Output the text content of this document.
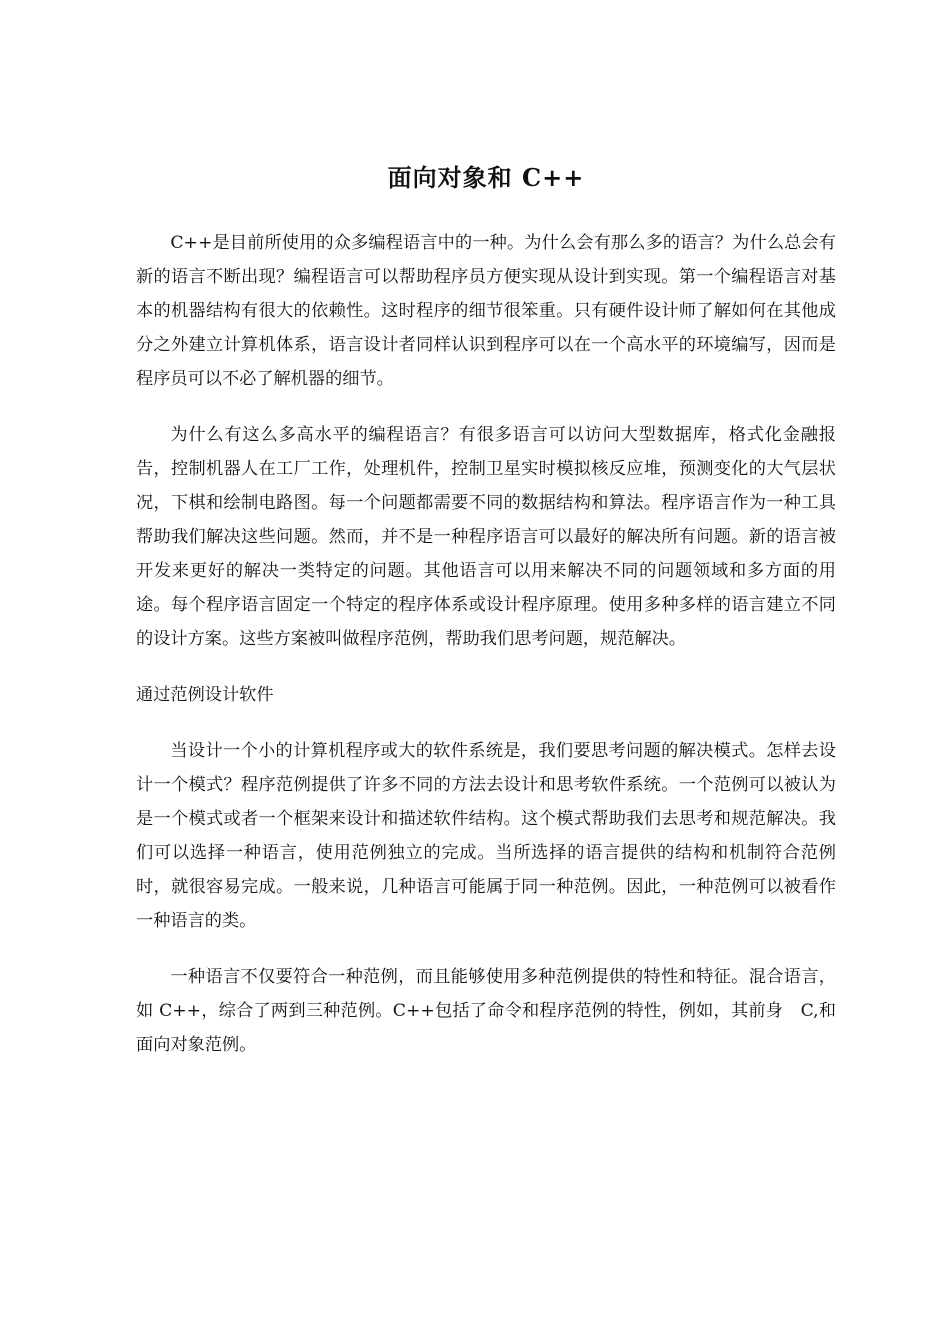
面向对象和 C++

C++是目前所使用的众多编程语言中的一种。为什么会有那么多的语言？为什么总会有新的语言不断出现？编程语言可以帮助程序员方便实现从设计到实现。第一个编程语言对基本的机器结构有很大的依赖性。这时程序的细节很笨重。只有硬件设计师了解如何在其他成分之外建立计算机体系，语言设计者同样认识到程序可以在一个高水平的环境编写，因而是程序员可以不必了解机器的细节。

为什么有这么多高水平的编程语言？有很多语言可以访问大型数据库，格式化金融报告，控制机器人在工厂工作，处理机件，控制卫星实时模拟核反应堆，预测变化的大气层状况，下棋和绘制电路图。每一个问题都需要不同的数据结构和算法。程序语言作为一种工具帮助我们解决这些问题。然而，并不是一种程序语言可以最好的解决所有问题。新的语言被开发来更好的解决一类特定的问题。其他语言可以用来解决不同的问题领域和多方面的用途。每个程序语言固定一个特定的程序体系或设计程序原理。使用多种多样的语言建立不同的设计方案。这些方案被叫做程序范例，帮助我们思考问题，规范解决。

通过范例设计软件

当设计一个小的计算机程序或大的软件系统是，我们要思考问题的解决模式。怎样去设计一个模式？程序范例提供了许多不同的方法去设计和思考软件系统。一个范例可以被认为是一个模式或者一个框架来设计和描述软件结构。这个模式帮助我们去思考和规范解决。我们可以选择一种语言，使用范例独立的完成。当所选择的语言提供的结构和机制符合范例时，就很容易完成。一般来说，几种语言可能属于同一种范例。因此，一种范例可以被看作一种语言的类。

一种语言不仅要符合一种范例，而且能够使用多种范例提供的特性和特征。混合语言，如 C++，综合了两到三种范例。C++包括了命令和程序范例的特性，例如，其前身　C,和面向对象范例。
